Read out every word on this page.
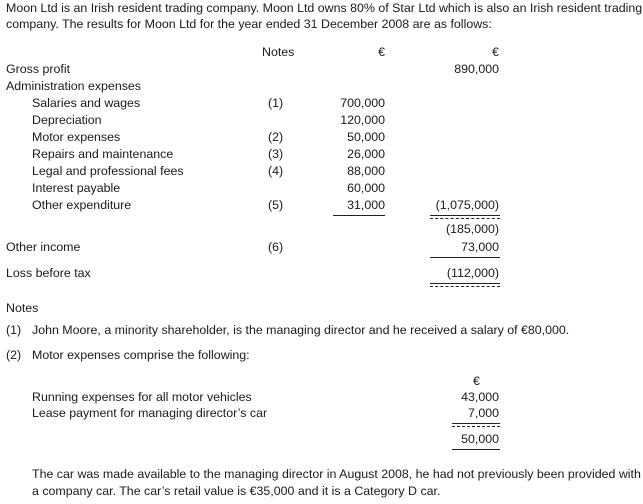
Moon Ltd is an Irish resident trading company. Moon Ltd owns 80% of Star Ltd which is also an Irish resident trading
company. The results for Moon Ltd for the year ended 31 December 2008 are as follows:
Notes	€	€
Gross profit	890,000
Administration expenses
Salaries and wages	(1)	700,000
Depreciation	120,000
Motor expenses	(2)	50,000
Repairs and maintenance	(3)	26,000
Legal and professional fees	(4)	88,000
Interest payable	60,000
Other expenditure	(5)	31,000	(1,075,000)
(185,000)
Other income	(6)	73,000
Loss before tax	(112,000)
Notes
(1) John Moore, a minority shareholder, is the managing director and he received a salary of €80,000.
(2) Motor expenses comprise the following:
€
Running expenses for all motor vehicles	43,000
Lease payment for managing director’s car	7,000
50,000
The car was made available to the managing director in August 2008, he had not previously been provided with
a company car. The car’s retail value is €35,000 and it is a Category D car.
